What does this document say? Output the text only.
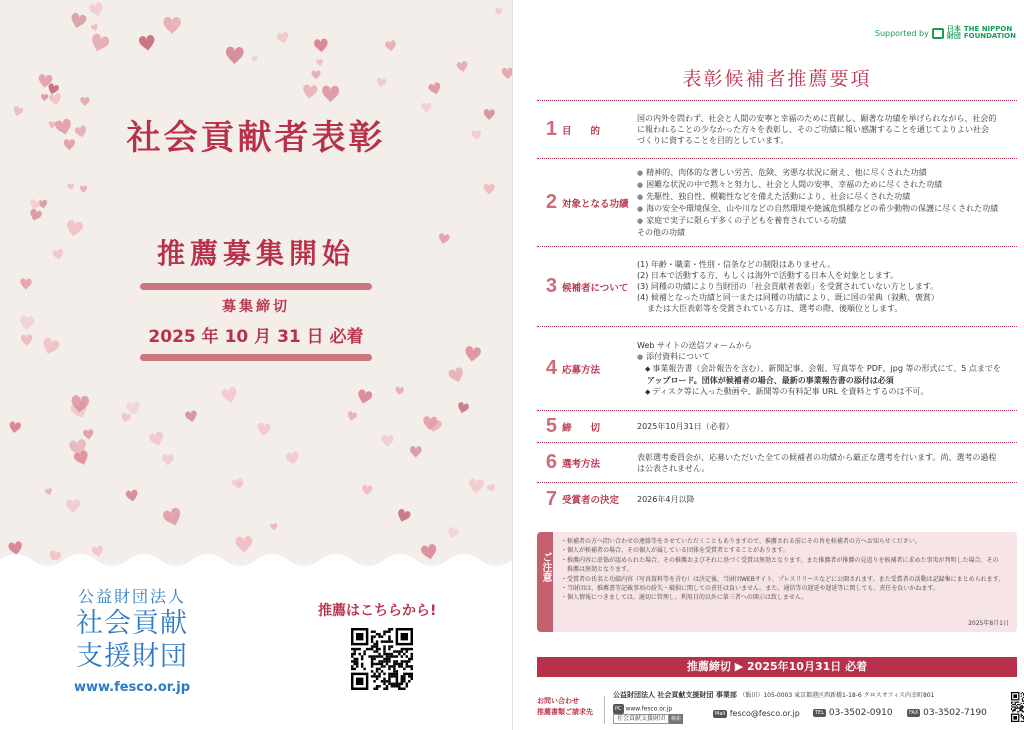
社会貢献者表彰
推薦募集開始
募集締切
2025 年 10 月 31 日 必着
公益財団法人
社会貢献
支援財団
www.fesco.or.jp
推薦はこちらから!
Supported by	日本
財団
THE NIPPON
FOUNDATION
表彰候補者推薦要項
1 目　　的
国の内外を問わず、社会と人間の安寧と幸福のために貢献し、顕著な功績を挙げられながら、社会的
に報われることの少なかった方々を表彰し、そのご功績に報い感謝することを通じてよりよい社会
づくりに資することを目的としています。
2 対象となる功績
● 精神的、肉体的な著しい労苦、危険、劣悪な状況に耐え、他に尽くされた功績
● 困難な状況の中で黙々と努力し、社会と人間の安寧、幸福のために尽くされた功績
● 先駆性、独自性、模範性などを備えた活動により、社会に尽くされた功績
● 海の安全や環境保全、山や川などの自然環境や絶滅危惧種などの希少動物の保護に尽くされた功績
● 家庭で実子に限らず多くの子どもを養育されている功績
その他の功績
3 候補者について
(1) 年齢・職業・性別・信条などの制限はありません。
(2) 日本で活動する方、もしくは海外で活動する日本人を対象とします。
(3) 同種の功績により当財団の「社会貢献者表彰」を受賞されていない方とします。
(4) 候補となった功績と同一または同種の功績により、既に国の栄典（叙勲、褒賞）
または大臣表彰等を受賞されている方は、選考の際、後順位とします。
4 応募方法
Web サイトの送信フォームから
● 添付資料について
◆ 事業報告書（会計報告を含む）、新聞記事、会報、写真等を PDF、jpg 等の形式にて、5 点までを
アップロード。団体が候補者の場合、最新の事業報告書の添付は必須
◆ ディスク等に入った動画や、新聞等の有料記事 URL を資料とするのは不可。
5 締　　切	2025年10月31日（必着）
6 選考方法
表彰選考委員会が、応募いただいた全ての候補者の功績から厳正な選考を行います。尚、選考の過程
は公表されません。
7 受賞者の決定 2026年4月以降
ご注意
・候補者の方へ問い合わせの連絡等をさせていただくこともありますので、推薦される前にその旨を候補者の方へお知らせください。
・個人が候補者の場合、その個人が属している団体を受賞者とすることがあります。
・推薦内容に虚偽が認められた場合、その推薦およびそれに基づく受賞は無効となります。また推薦者が推薦の見返りを候補者に求めた事実が判明した場合、その
　推薦は無効となります。
・受賞者の氏名と功績内容（写真資料等を含む）は決定後、当財団WEBサイト、プレスリリースなどに公開されます。また受賞者の活動は記録集にまとめられます。
・当財団は、推薦書等記載事項の紛失・破損に関しての責任は負いません。また、通信等の遅延や遅延等に関しても、責任を負いかねます。
・個人情報につきましては、適切に管理し、利用目的以外に第三者への開示は致しません。
2025年8月1日
推薦締切 ▶ 2025年10月31日 必着
お問い合わせ
推薦書類ご請求先
公益財団法人 社会貢献支援財団 事業部 （飯田）105-0003 東京都港区西新橋1-18-6 クロスオフィス内幸町801
PC www.fesco.or.jp
社会貢献支援財団 検索
Mail fesco@fesco.or.jp	TEL 03-3502-0910	FAX 03-3502-7190
